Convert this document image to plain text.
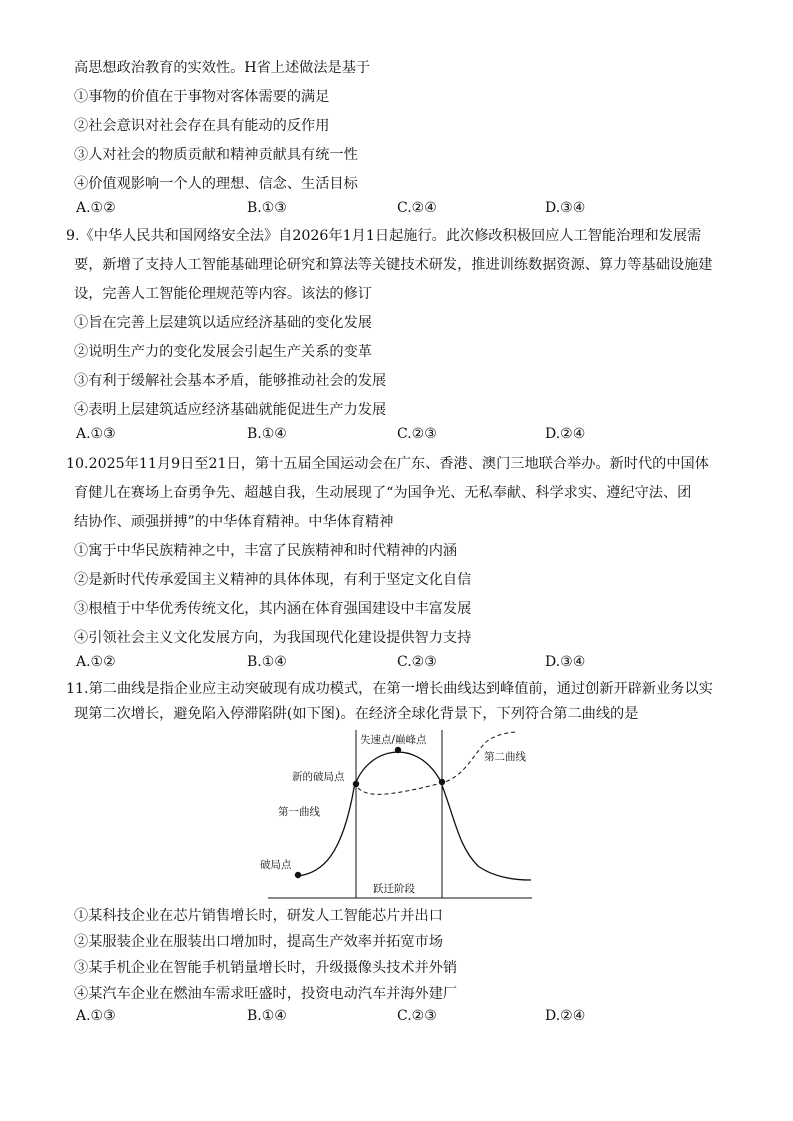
高思想政治教育的实效性。H省上述做法是基于
①事物的价值在于事物对客体需要的满足
②社会意识对社会存在具有能动的反作用
③人对社会的物质贡献和精神贡献具有统一性
④价值观影响一个人的理想、信念、生活目标
A.①②	B.①③	C.②④	D.③④
9.《中华人民共和国网络安全法》自2026年1月1日起施行。此次修改积极回应人工智能治理和发展需
要，新增了支持人工智能基础理论研究和算法等关键技术研发，推进训练数据资源、算力等基础设施建
设，完善人工智能伦理规范等内容。该法的修订
①旨在完善上层建筑以适应经济基础的变化发展
②说明生产力的变化发展会引起生产关系的变革
③有利于缓解社会基本矛盾，能够推动社会的发展
④表明上层建筑适应经济基础就能促进生产力发展
A.①③	B.①④	C.②③	D.②④
10.2025年11月9日至21日，第十五届全国运动会在广东、香港、澳门三地联合举办。新时代的中国体
育健儿在赛场上奋勇争先、超越自我，生动展现了“为国争光、无私奉献、科学求实、遵纪守法、团
结协作、顽强拼搏”的中华体育精神。中华体育精神
①寓于中华民族精神之中，丰富了民族精神和时代精神的内涵
②是新时代传承爱国主义精神的具体体现，有利于坚定文化自信
③根植于中华优秀传统文化，其内涵在体育强国建设中丰富发展
④引领社会主义文化发展方向，为我国现代化建设提供智力支持
A.①②	B.①④	C.②③	D.③④
11.第二曲线是指企业应主动突破现有成功模式，在第一增长曲线达到峰值前，通过创新开辟新业务以实
现第二次增长，避免陷入停滞陷阱(如下图)。在经济全球化背景下，下列符合第二曲线的是
失速点/巅峰点
第二曲线
新的破局点
第一曲线
破局点
跃迁阶段
①某科技企业在芯片销售增长时，研发人工智能芯片并出口
②某服装企业在服装出口增加时，提高生产效率并拓宽市场
③某手机企业在智能手机销量增长时，升级摄像头技术并外销
④某汽车企业在燃油车需求旺盛时，投资电动汽车并海外建厂
A.①③	B.①④	C.②③	D.②④
